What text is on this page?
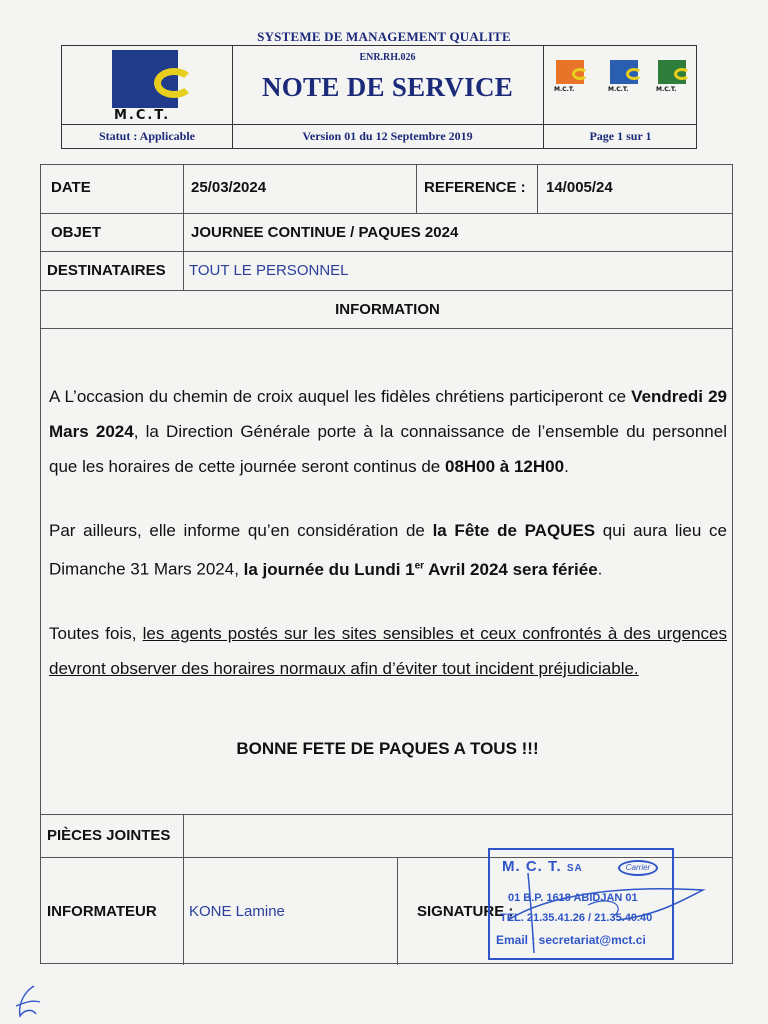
SYSTEME DE MANAGEMENT QUALITE
M.C.T.
ENR.RH.026
NOTE DE SERVICE	M.C.T.	M.C.T.	M.C.T.
Statut : Applicable	Version 01 du 12 Septembre 2019	Page 1 sur 1
DATE	25/03/2024	REFERENCE : 14/005/24
OBJET	JOURNEE CONTINUE / PAQUES 2024
DESTINATAIRES TOUT LE PERSONNEL
INFORMATION
A L’occasion du chemin de croix auquel les fidèles chrétiens participeront ce Vendredi 29 Mars 2024, la Direction Générale porte à la connaissance de l’ensemble du personnel que les horaires de cette journée seront continus de 08H00 à 12H00.
Par ailleurs, elle informe qu’en considération de la Fête de PAQUES qui aura lieu ce Dimanche 31 Mars 2024, la journée du Lundi 1er Avril 2024 sera fériée.
Toutes fois, les agents postés sur les sites sensibles et ceux confrontés à des urgences devront observer des horaires normaux afin d’éviter tout incident préjudiciable.
BONNE FETE DE PAQUES A TOUS !!!
PIÈCES JOINTES
INFORMATEUR KONE Lamine	SIGNATURE :
M. C. T. SA	Carrier
01 B.P. 1618 ABIDJAN 01
TEL. 21.35.41.26 / 21.35.40.40
Email : secretariat@mct.ci
